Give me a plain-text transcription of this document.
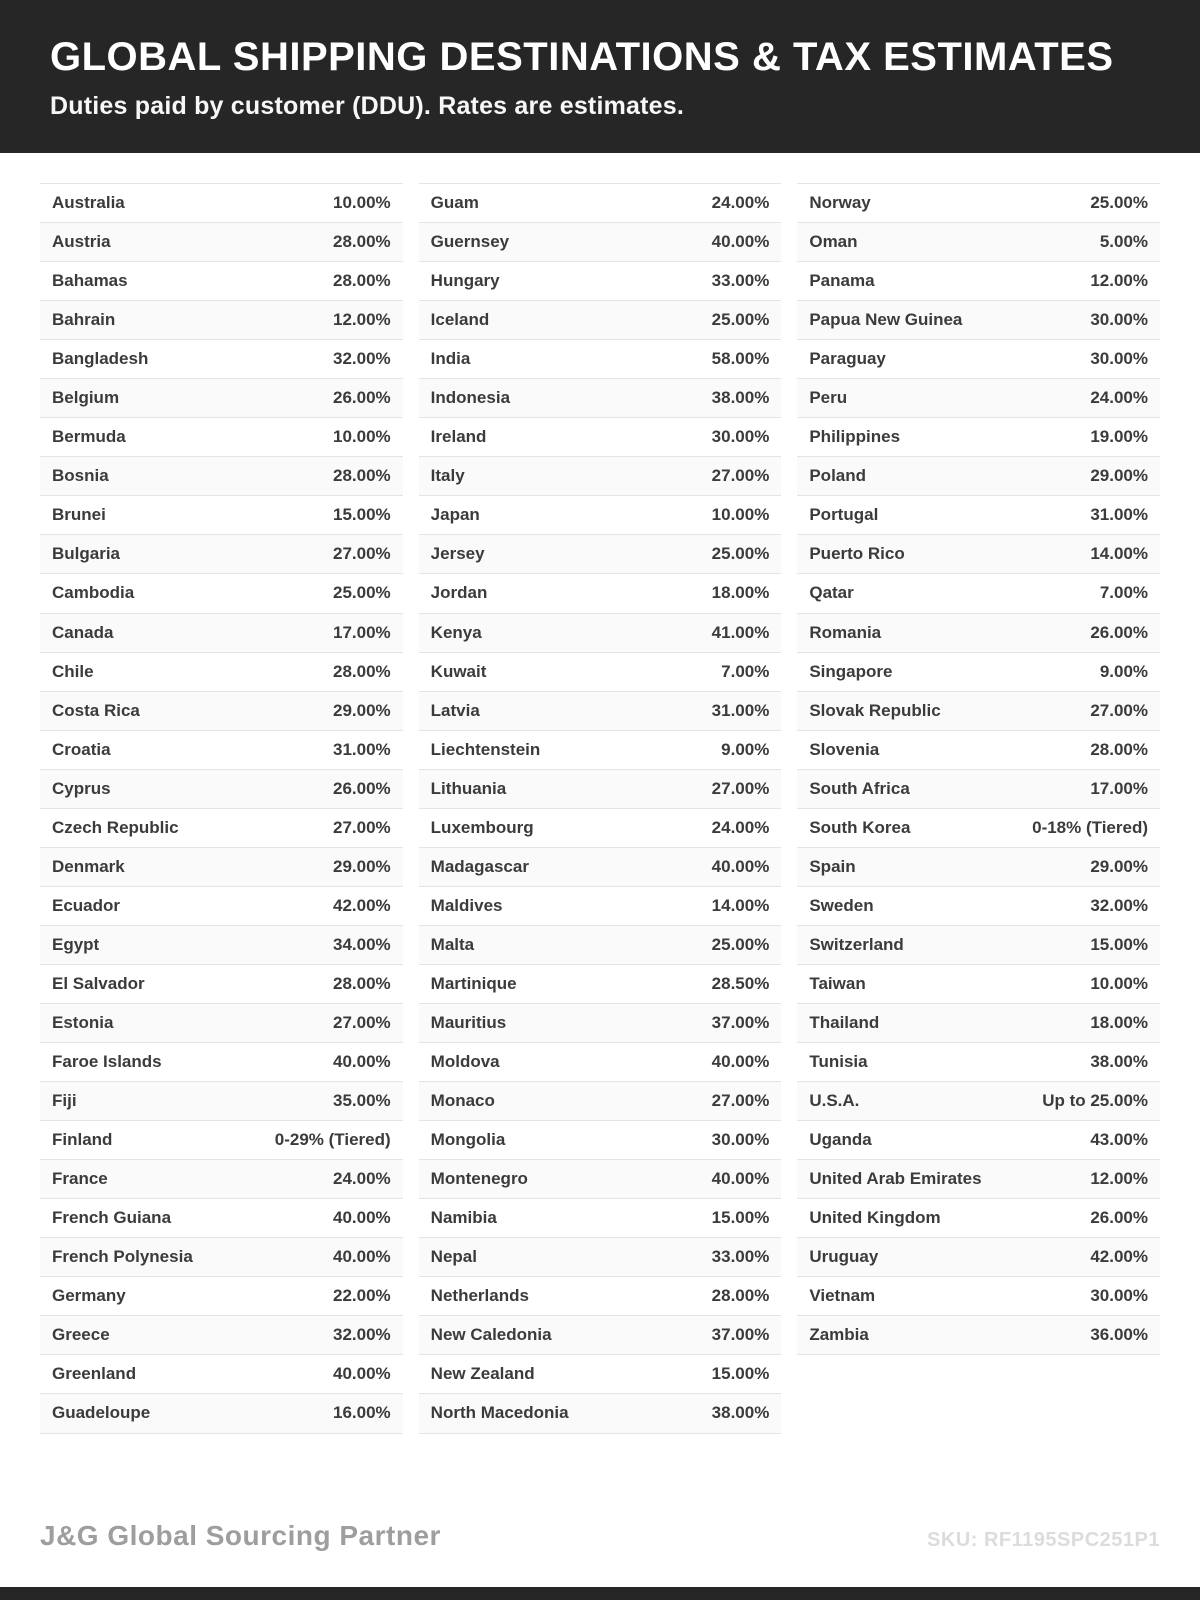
GLOBAL SHIPPING DESTINATIONS & TAX ESTIMATES

Duties paid by customer (DDU). Rates are estimates.

Australia	10.00%
Austria	28.00%
Bahamas	28.00%
Bahrain	12.00%
Bangladesh	32.00%
Belgium	26.00%
Bermuda	10.00%
Bosnia	28.00%
Brunei	15.00%
Bulgaria	27.00%
Cambodia	25.00%
Canada	17.00%
Chile	28.00%
Costa Rica	29.00%
Croatia	31.00%
Cyprus	26.00%
Czech Republic	27.00%
Denmark	29.00%
Ecuador	42.00%
Egypt	34.00%
El Salvador	28.00%
Estonia	27.00%
Faroe Islands	40.00%
Fiji	35.00%
Finland	0-29% (Tiered)
France	24.00%
French Guiana	40.00%
French Polynesia	40.00%
Germany	22.00%
Greece	32.00%
Greenland	40.00%
Guadeloupe	16.00%
Guam	24.00%
Guernsey	40.00%
Hungary	33.00%
Iceland	25.00%
India	58.00%
Indonesia	38.00%
Ireland	30.00%
Italy	27.00%
Japan	10.00%
Jersey	25.00%
Jordan	18.00%
Kenya	41.00%
Kuwait	7.00%
Latvia	31.00%
Liechtenstein	9.00%
Lithuania	27.00%
Luxembourg	24.00%
Madagascar	40.00%
Maldives	14.00%
Malta	25.00%
Martinique	28.50%
Mauritius	37.00%
Moldova	40.00%
Monaco	27.00%
Mongolia	30.00%
Montenegro	40.00%
Namibia	15.00%
Nepal	33.00%
Netherlands	28.00%
New Caledonia	37.00%
New Zealand	15.00%
North Macedonia	38.00%
Norway	25.00%
Oman	5.00%
Panama	12.00%
Papua New Guinea	30.00%
Paraguay	30.00%
Peru	24.00%
Philippines	19.00%
Poland	29.00%
Portugal	31.00%
Puerto Rico	14.00%
Qatar	7.00%
Romania	26.00%
Singapore	9.00%
Slovak Republic	27.00%
Slovenia	28.00%
South Africa	17.00%
South Korea	0-18% (Tiered)
Spain	29.00%
Sweden	32.00%
Switzerland	15.00%
Taiwan	10.00%
Thailand	18.00%
Tunisia	38.00%
U.S.A.	Up to 25.00%
Uganda	43.00%
United Arab Emirates	12.00%
United Kingdom	26.00%
Uruguay	42.00%
Vietnam	30.00%
Zambia	36.00%
J&G Global Sourcing Partner	SKU: RF1195SPC251P1
